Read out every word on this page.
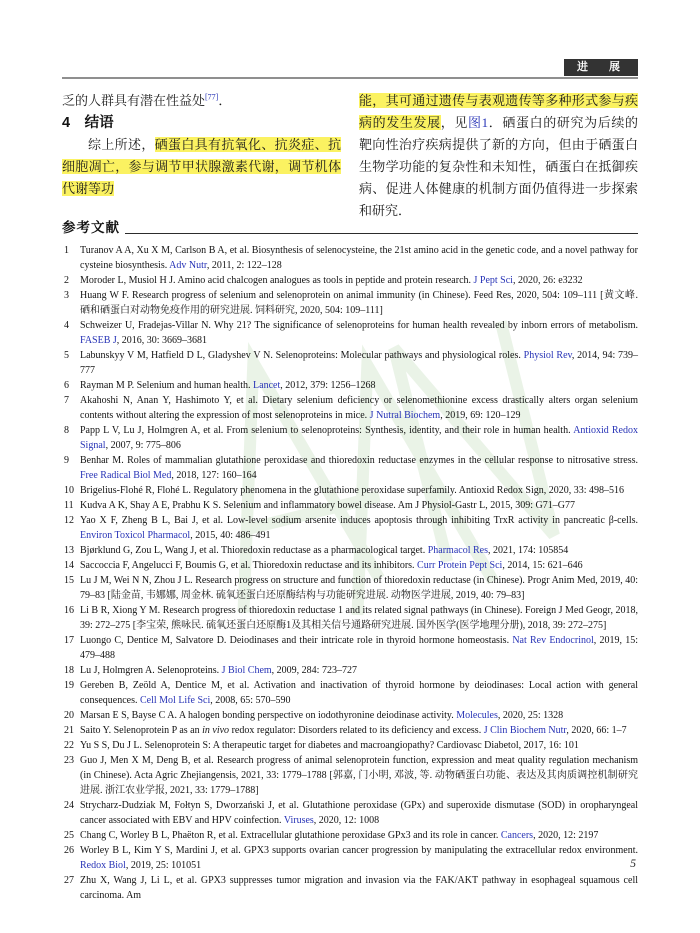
进 展

乏的人群具有潜在性益处[77]．

4　结语

综上所述，硒蛋白具有抗氧化、抗炎症、抗细胞凋亡，参与调节甲状腺激素代谢，调节机体代谢等功

能，其可通过遗传与表观遗传等多种形式参与疾病的发生发展，见图1．硒蛋白的研究为后续的靶向性治疗疾病提供了新的方向，但由于硒蛋白生物学功能的复杂性和未知性，硒蛋白在抵御疾病、促进人体健康的机制方面仍值得进一步探索和研究．

参考文献
1 Turanov A A, Xu X M, Carlson B A, et al. Biosynthesis of selenocysteine, the 21st amino acid in the genetic code, and a novel pathway for cysteine biosynthesis. Adv Nutr, 2011, 2: 122–128
2 Moroder L, Musiol H J. Amino acid chalcogen analogues as tools in peptide and protein research. J Pept Sci, 2020, 26: e3232
3 Huang W F. Research progress of selenium and selenoprotein on animal immunity (in Chinese). Feed Res, 2020, 504: 109–111 [黄文峰. 硒和硒蛋白对动物免疫作用的研究进展. 饲料研究, 2020, 504: 109–111]
4 Schweizer U, Fradejas-Villar N. Why 21? The significance of selenoproteins for human health revealed by inborn errors of metabolism. FASEB J, 2016, 30: 3669–3681
5 Labunskyy V M, Hatfield D L, Gladyshev V N. Selenoproteins: Molecular pathways and physiological roles. Physiol Rev, 2014, 94: 739–777
6 Rayman M P. Selenium and human health. Lancet, 2012, 379: 1256–1268
7 Akahoshi N, Anan Y, Hashimoto Y, et al. Dietary selenium deficiency or selenomethionine excess drastically alters organ selenium contents without altering the expression of most selenoproteins in mice. J Nutral Biochem, 2019, 69: 120–129
8 Papp L V, Lu J, Holmgren A, et al. From selenium to selenoproteins: Synthesis, identity, and their role in human health. Antioxid Redox Signal, 2007, 9: 775–806
9 Benhar M. Roles of mammalian glutathione peroxidase and thioredoxin reductase enzymes in the cellular response to nitrosative stress. Free Radical Biol Med, 2018, 127: 160–164
10 Brigelius-Flohé R, Flohé L. Regulatory phenomena in the glutathione peroxidase superfamily. Antioxid Redox Sign, 2020, 33: 498–516
11 Kudva A K, Shay A E, Prabhu K S. Selenium and inflammatory bowel disease. Am J Physiol-Gastr L, 2015, 309: G71–G77
12 Yao X F, Zheng B L, Bai J, et al. Low-level sodium arsenite induces apoptosis through inhibiting TrxR activity in pancreatic β-cells. Environ Toxicol Pharmacol, 2015, 40: 486–491
13 Bjørklund G, Zou L, Wang J, et al. Thioredoxin reductase as a pharmacological target. Pharmacol Res, 2021, 174: 105854
14 Saccoccia F, Angelucci F, Boumis G, et al. Thioredoxin reductase and its inhibitors. Curr Protein Pept Sci, 2014, 15: 621–646
15 Lu J M, Wei N N, Zhou J L. Research progress on structure and function of thioredoxin reductase (in Chinese). Progr Anim Med, 2019, 40: 79–83 [陆金苗, 韦娜娜, 周金林. 硫氧还蛋白还原酶结构与功能研究进展. 动物医学进展, 2019, 40: 79–83]
16 Li B R, Xiong Y M. Research progress of thioredoxin reductase 1 and its related signal pathways (in Chinese). Foreign J Med Geogr, 2018, 39: 272–275 [李宝荣, 熊咏民. 硫氧还蛋白还原酶1及其相关信号通路研究进展. 国外医学(医学地理分册), 2018, 39: 272–275]
17 Luongo C, Dentice M, Salvatore D. Deiodinases and their intricate role in thyroid hormone homeostasis. Nat Rev Endocrinol, 2019, 15: 479–488
18 Lu J, Holmgren A. Selenoproteins. J Biol Chem, 2009, 284: 723–727
19 Gereben B, Zeöld A, Dentice M, et al. Activation and inactivation of thyroid hormone by deiodinases: Local action with general consequences. Cell Mol Life Sci, 2008, 65: 570–590
20 Marsan E S, Bayse C A. A halogen bonding perspective on iodothyronine deiodinase activity. Molecules, 2020, 25: 1328
21 Saito Y. Selenoprotein P as an in vivo redox regulator: Disorders related to its deficiency and excess. J Clin Biochem Nutr, 2020, 66: 1–7
22 Yu S S, Du J L. Selenoprotein S: A therapeutic target for diabetes and macroangiopathy? Cardiovasc Diabetol, 2017, 16: 101
23 Guo J, Men X M, Deng B, et al. Research progress of animal selenoprotein function, expression and meat quality regulation mechanism (in Chinese). Acta Agric Zhejiangensis, 2021, 33: 1779–1788 [郭嘉, 门小明, 邓波, 等. 动物硒蛋白功能、表达及其肉质调控机制研究进展. 浙江农业学报, 2021, 33: 1779–1788]
24 Strycharz-Dudziak M, Fołtyn S, Dworzański J, et al. Glutathione peroxidase (GPx) and superoxide dismutase (SOD) in oropharyngeal cancer associated with EBV and HPV coinfection. Viruses, 2020, 12: 1008
25 Chang C, Worley B L, Phaëton R, et al. Extracellular glutathione peroxidase GPx3 and its role in cancer. Cancers, 2020, 12: 2197
26 Worley B L, Kim Y S, Mardini J, et al. GPX3 supports ovarian cancer progression by manipulating the extracellular redox environment. Redox Biol, 2019, 25: 101051
27 Zhu X, Wang J, Li L, et al. GPX3 suppresses tumor migration and invasion via the FAK/AKT pathway in esophageal squamous cell carcinoma. Am
5
